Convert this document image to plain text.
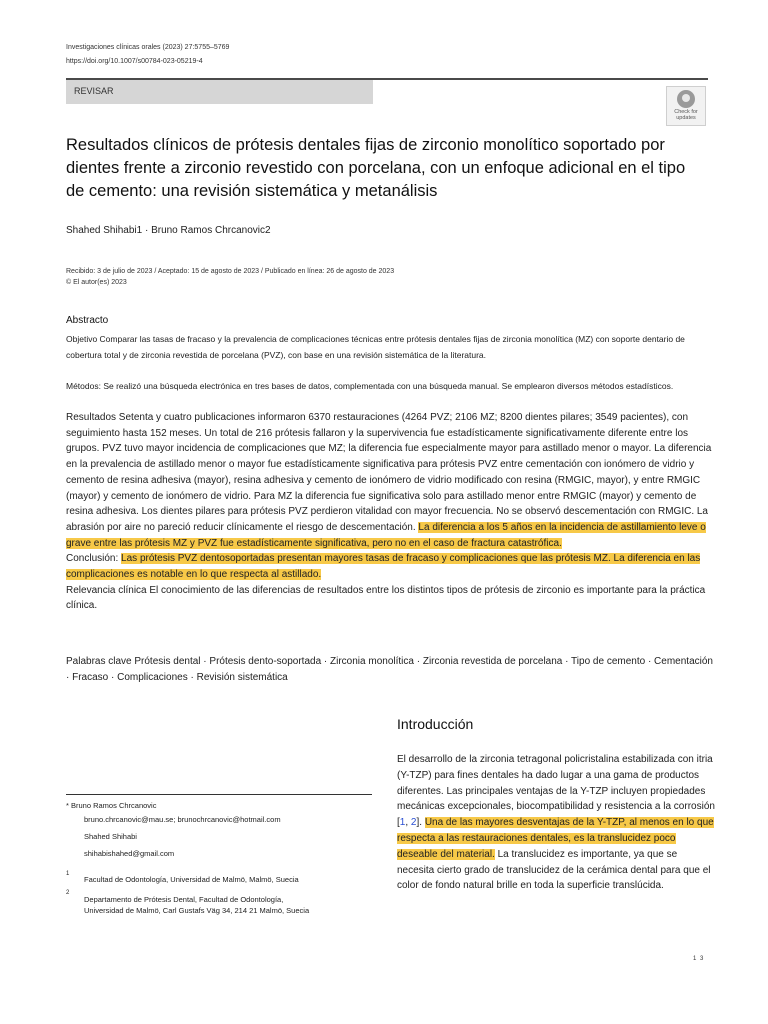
Investigaciones clínicas orales (2023) 27:5755–5769
https://doi.org/10.1007/s00784-023-05219-4
REVISAR
Check for
updates
Resultados clínicos de prótesis dentales fijas de zirconio monolítico soportado por dientes frente a zirconio revestido con porcelana, con un enfoque adicional en el tipo de cemento: una revisión sistemática y metanálisis
Shahed Shihabi1 · Bruno Ramos Chrcanovic2
Recibido: 3 de julio de 2023 / Aceptado: 15 de agosto de 2023 / Publicado en línea: 26 de agosto de 2023
© El autor(es) 2023
Abstracto
Objetivo Comparar las tasas de fracaso y la prevalencia de complicaciones técnicas entre prótesis dentales fijas de zirconia monolítica (MZ) con soporte dentario de cobertura total y de zirconia revestida de porcelana (PVZ), con base en una revisión sistemática de la literatura.
Métodos: Se realizó una búsqueda electrónica en tres bases de datos, complementada con una búsqueda manual. Se emplearon diversos métodos estadísticos.
Resultados Setenta y cuatro publicaciones informaron 6370 restauraciones (4264 PVZ; 2106 MZ; 8200 dientes pilares; 3549 pacientes), con seguimiento hasta 152 meses. Un total de 216 prótesis fallaron y la supervivencia fue estadísticamente significativamente diferente entre los grupos. PVZ tuvo mayor incidencia de complicaciones que MZ; la diferencia fue especialmente mayor para astillado menor o mayor. La diferencia en la prevalencia de astillado menor o mayor fue estadísticamente significativa para prótesis PVZ entre cementación con ionómero de vidrio y cemento de resina adhesiva (mayor), resina adhesiva y cemento de ionómero de vidrio modificado con resina (RMGIC, mayor), y entre RMGIC (mayor) y cemento de ionómero de vidrio. Para MZ la diferencia fue significativa solo para astillado menor entre RMGIC (mayor) y cemento de resina adhesiva. Los dientes pilares para prótesis PVZ perdieron vitalidad con mayor frecuencia. No se observó descementación con RMGIC. La abrasión por aire no pareció reducir clínicamente el riesgo de descementación. La diferencia a los 5 años en la incidencia de astillamiento leve o grave entre las prótesis MZ y PVZ fue estadísticamente significativa, pero no en el caso de fractura catastrófica.
Conclusión: Las prótesis PVZ dentosoportadas presentan mayores tasas de fracaso y complicaciones que las prótesis MZ. La diferencia en las complicaciones es notable en lo que respecta al astillado.
Relevancia clínica El conocimiento de las diferencias de resultados entre los distintos tipos de prótesis de zirconio es importante para la práctica clínica.
Palabras clave Prótesis dental · Prótesis dento-soportada · Zirconia monolítica · Zirconia revestida de porcelana · Tipo de cemento · Cementación · Fracaso · Complicaciones · Revisión sistemática
Introducción
El desarrollo de la zirconia tetragonal policristalina estabilizada con itria (Y-TZP) para fines dentales ha dado lugar a una gama de productos diferentes. Las principales ventajas de la Y-TZP incluyen propiedades mecánicas excepcionales, biocompatibilidad y resistencia a la corrosión [1, 2]. Una de las mayores desventajas de la Y-TZP, al menos en lo que respecta a las restauraciones dentales, es la translucidez poco deseable del material. La translucidez es importante, ya que se necesita cierto grado de translucidez de la cerámica dental para que el color de fondo natural brille en toda la superficie translúcida.
* Bruno Ramos Chrcanovic
bruno.chrcanovic@mau.se; brunochrcanovic@hotmail.com
Shahed Shihabi
shihabishahed@gmail.com
1
Facultad de Odontología, Universidad de Malmö, Malmö, Suecia
2
Departamento de Prótesis Dental, Facultad de Odontología, Universidad de Malmö, Carl Gustafs Väg 34, 214 21 Malmö, Suecia
1 3
